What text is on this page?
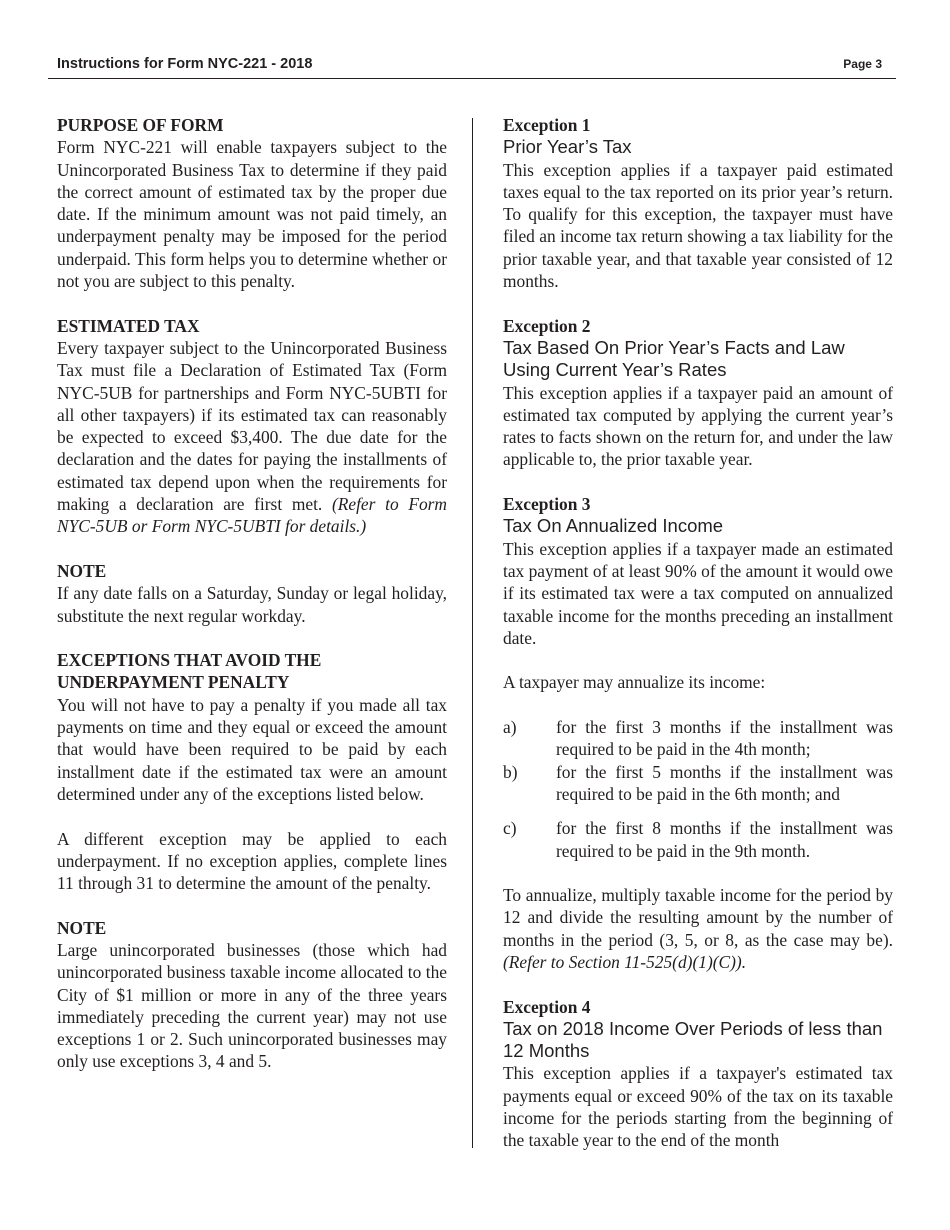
Instructions for Form NYC-221 - 2018	Page 3

PURPOSE OF FORM

Form NYC-221 will enable taxpayers subject to the Unincorporated Business Tax to determine if they paid the correct amount of estimated tax by the proper due date. If the minimum amount was not paid timely, an underpayment penalty may be imposed for the period underpaid. This form helps you to determine whether or not you are subject to this penalty.

ESTIMATED TAX

Every taxpayer subject to the Unincorporated Business Tax must file a Declaration of Estimated Tax (Form NYC-5UB for partnerships and Form NYC-5UBTI for all other taxpayers) if its estimated tax can reasonably be expected to exceed $3,400. The due date for the declaration and the dates for paying the installments of estimated tax depend upon when the requirements for making a declaration are first met. (Refer to Form NYC-5UB or Form NYC-5UBTI for details.)

NOTE

If any date falls on a Saturday, Sunday or legal holiday, substitute the next regular workday.

EXCEPTIONS THAT AVOID THE UNDERPAYMENT PENALTY

You will not have to pay a penalty if you made all tax payments on time and they equal or exceed the amount that would have been required to be paid by each installment date if the estimated tax were an amount determined under any of the exceptions listed below.

A different exception may be applied to each underpayment. If no exception applies, complete lines 11 through 31 to determine the amount of the penalty.

NOTE

Large unincorporated businesses (those which had unincorporated business taxable income allocated to the City of $1 million or more in any of the three years immediately preceding the current year) may not use exceptions 1 or 2. Such unincorporated businesses may only use exceptions 3, 4 and 5.

Exception 1

Prior Year’s Tax

This exception applies if a taxpayer paid estimated taxes equal to the tax reported on its prior year’s return. To qualify for this exception, the taxpayer must have filed an income tax return showing a tax liability for the prior taxable year, and that taxable year consisted of 12 months.

Exception 2

Tax Based On Prior Year’s Facts and Law Using Current Year’s Rates

This exception applies if a taxpayer paid an amount of estimated tax computed by applying the current year’s rates to facts shown on the return for, and under the law applicable to, the prior taxable year.

Exception 3

Tax On Annualized Income

This exception applies if a taxpayer made an estimated tax payment of at least 90% of the amount it would owe if its estimated tax were a tax computed on annualized taxable income for the months preceding an installment date.

A taxpayer may annualize its income:

a) for the first 3 months if the installment was required to be paid in the 4th month;

b) for the first 5 months if the installment was required to be paid in the 6th month; and

c) for the first 8 months if the installment was required to be paid in the 9th month.

To annualize, multiply taxable income for the period by 12 and divide the resulting amount by the number of months in the period (3, 5, or 8, as the case may be). (Refer to Section 11-525(d)(1)(C)).

Exception 4

Tax on 2018 Income Over Periods of less than 12 Months

This exception applies if a taxpayer's estimated tax payments equal or exceed 90% of the tax on its taxable income for the periods starting from the beginning of the taxable year to the end of the month
